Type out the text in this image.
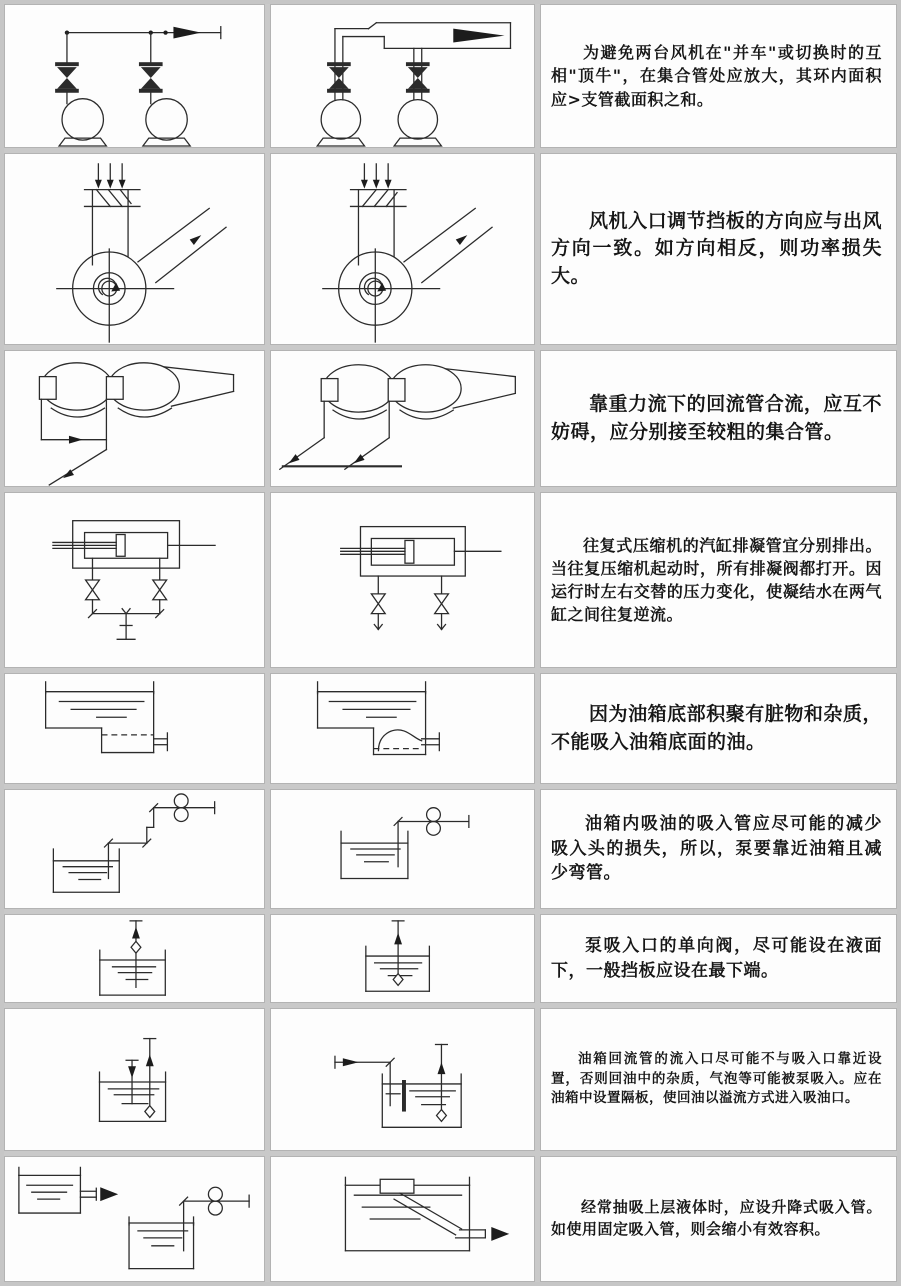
为避免两台风机在"并车"或切换时的互相"顶牛"，在集合管处应放大，其环内面积应>支管截面积之和。
风机入口调节挡板的方向应与出风方向一致。如方向相反，则功率损失大。
靠重力流下的回流管合流，应互不妨碍，应分别接至较粗的集合管。
往复式压缩机的汽缸排凝管宜分别排出。当往复压缩机起动时，所有排凝阀都打开。因运行时左右交替的压力变化，使凝结水在两气缸之间往复逆流。
因为油箱底部积聚有脏物和杂质，不能吸入油箱底面的油。
油箱内吸油的吸入管应尽可能的减少吸入头的损失，所以，泵要靠近油箱且减少弯管。
泵吸入口的单向阀，尽可能设在液面下，一般挡板应设在最下端。
油箱回流管的流入口尽可能不与吸入口靠近设置，否则回油中的杂质，气泡等可能被泵吸入。应在油箱中设置隔板，使回油以溢流方式进入吸油口。
经常抽吸上层液体时，应设升降式吸入管。如使用固定吸入管，则会缩小有效容积。
